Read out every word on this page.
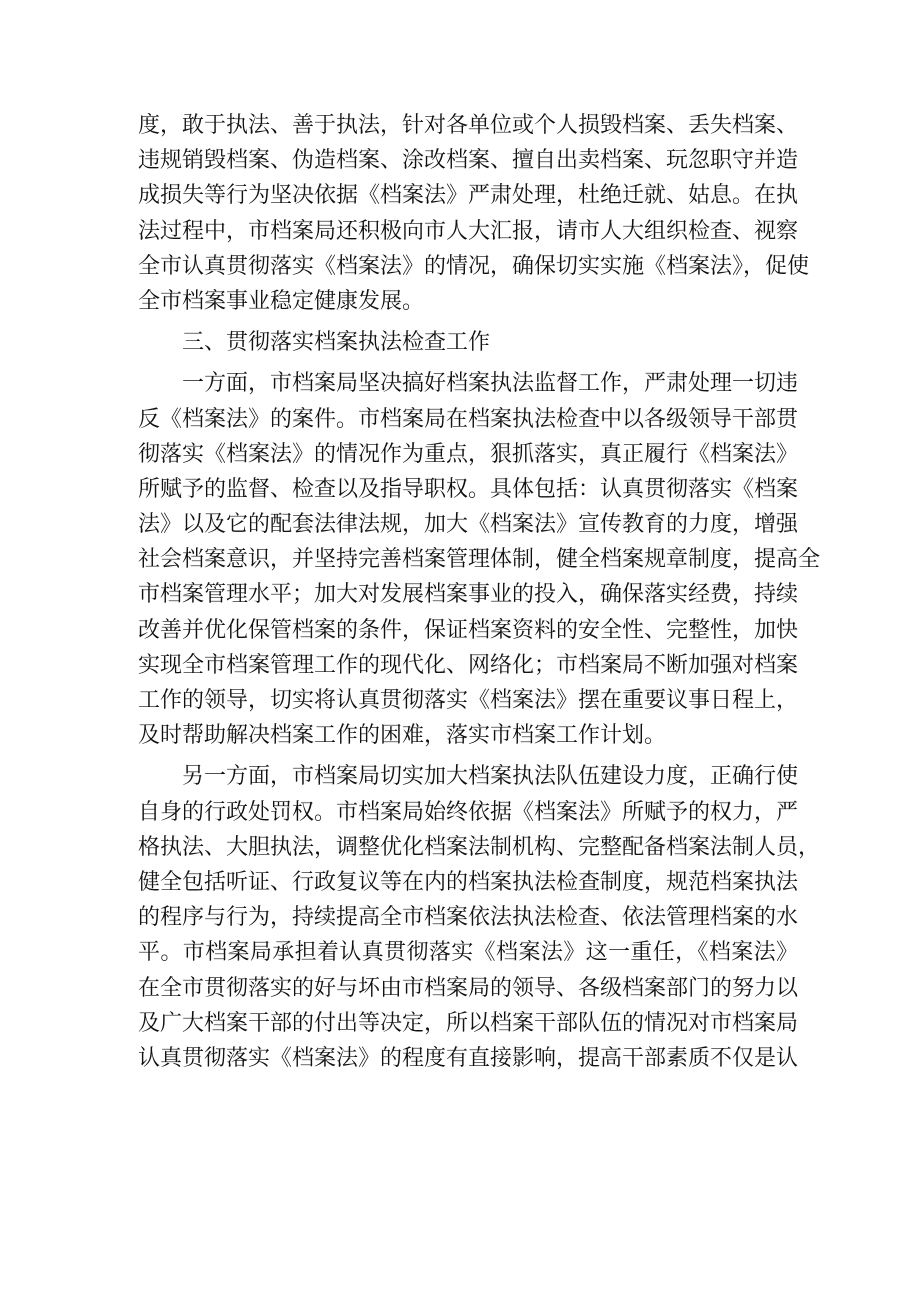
度，敢于执法、善于执法，针对各单位或个人损毁档案、丢失档案、
违规销毁档案、伪造档案、涂改档案、擅自出卖档案、玩忽职守并造
成损失等行为坚决依据《档案法》严肃处理，杜绝迁就、姑息。在执
法过程中，市档案局还积极向市人大汇报，请市人大组织检查、视察
全市认真贯彻落实《档案法》的情况，确保切实实施《档案法》，促使
全市档案事业稳定健康发展。
三、贯彻落实档案执法检查工作
一方面，市档案局坚决搞好档案执法监督工作，严肃处理一切违
反《档案法》的案件。市档案局在档案执法检查中以各级领导干部贯
彻落实《档案法》的情况作为重点，狠抓落实，真正履行《档案法》
所赋予的监督、检查以及指导职权。具体包括：认真贯彻落实《档案
法》以及它的配套法律法规，加大《档案法》宣传教育的力度，增强
社会档案意识，并坚持完善档案管理体制，健全档案规章制度，提高全
市档案管理水平；加大对发展档案事业的投入，确保落实经费，持续
改善并优化保管档案的条件，保证档案资料的安全性、完整性，加快
实现全市档案管理工作的现代化、网络化；市档案局不断加强对档案
工作的领导，切实将认真贯彻落实《档案法》摆在重要议事日程上，
及时帮助解决档案工作的困难，落实市档案工作计划。
另一方面，市档案局切实加大档案执法队伍建设力度，正确行使
自身的行政处罚权。市档案局始终依据《档案法》所赋予的权力，严
格执法、大胆执法，调整优化档案法制机构、完整配备档案法制人员，
健全包括听证、行政复议等在内的档案执法检查制度，规范档案执法
的程序与行为，持续提高全市档案依法执法检查、依法管理档案的水
平。市档案局承担着认真贯彻落实《档案法》这一重任，《档案法》
在全市贯彻落实的好与坏由市档案局的领导、各级档案部门的努力以
及广大档案干部的付出等决定，所以档案干部队伍的情况对市档案局
认真贯彻落实《档案法》的程度有直接影响，提高干部素质不仅是认
